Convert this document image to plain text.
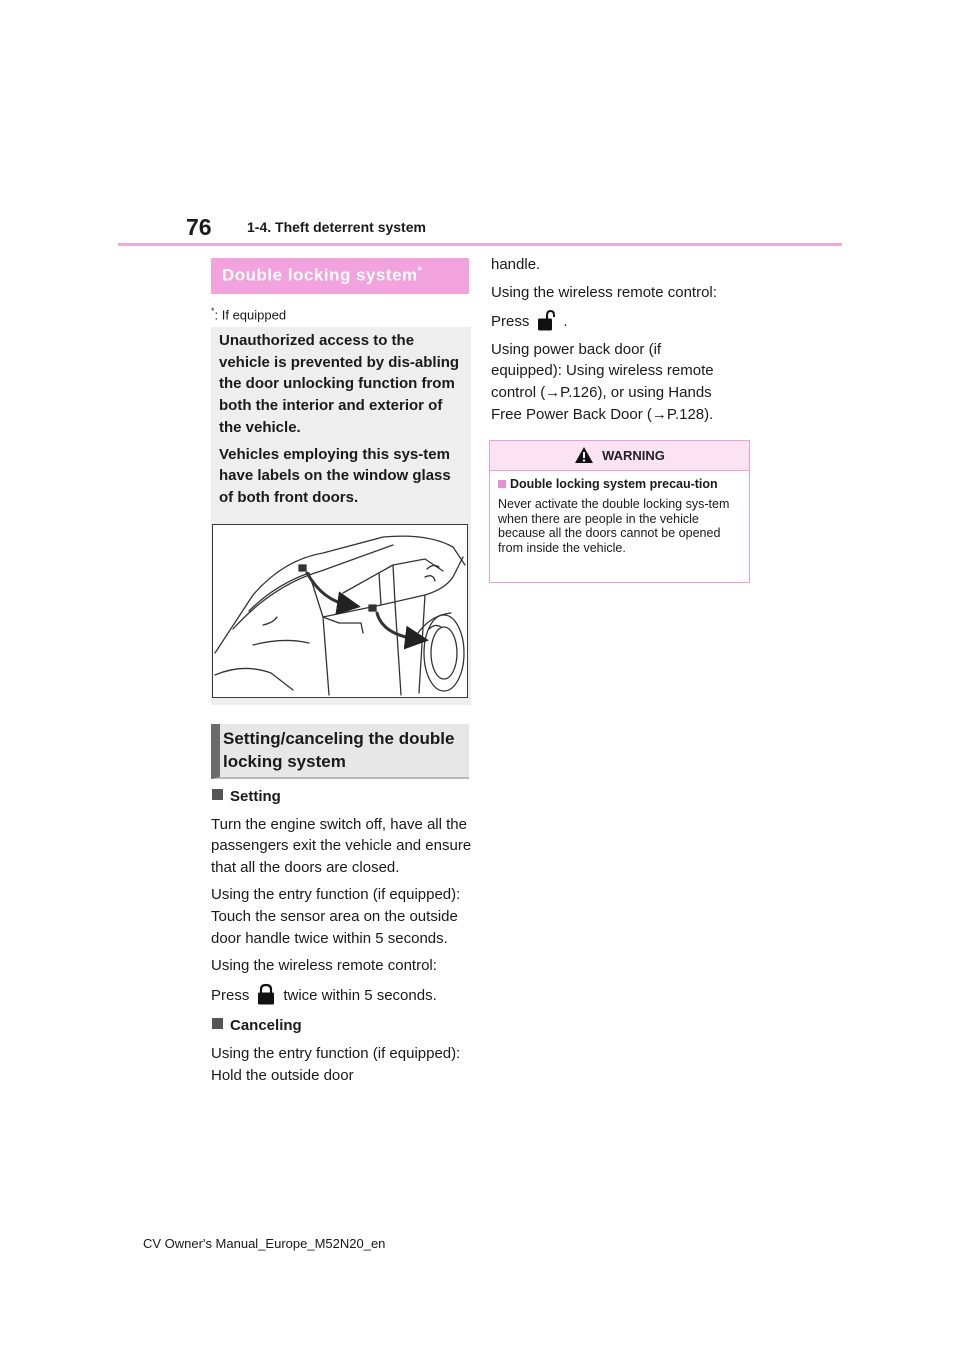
76	1-4. Theft deterrent system
Double locking system*
*: If equipped

Unauthorized access to the vehicle is prevented by dis-abling the door unlocking function from both the interior and exterior of the vehicle.

Vehicles employing this sys-tem have labels on the window glass of both front doors.

Setting/canceling the double locking system

Setting

Turn the engine switch off, have all the passengers exit the vehicle and ensure that all the doors are closed.

Using the entry function (if equipped): Touch the sensor area on the outside door handle twice within 5 seconds.

Using the wireless remote control:

Press twice within 5 seconds.

Canceling

Using the entry function (if equipped): Hold the outside door

handle.

Using the wireless remote control:

Press .

Using power back door (if equipped): Using wireless remote control (→P.126), or using Hands Free Power Back Door (→P.128).

WARNING
Double locking system precau-tion
Never activate the double locking sys-tem when there are people in the vehicle because all the doors cannot be opened from inside the vehicle.
CV Owner's Manual_Europe_M52N20_en
